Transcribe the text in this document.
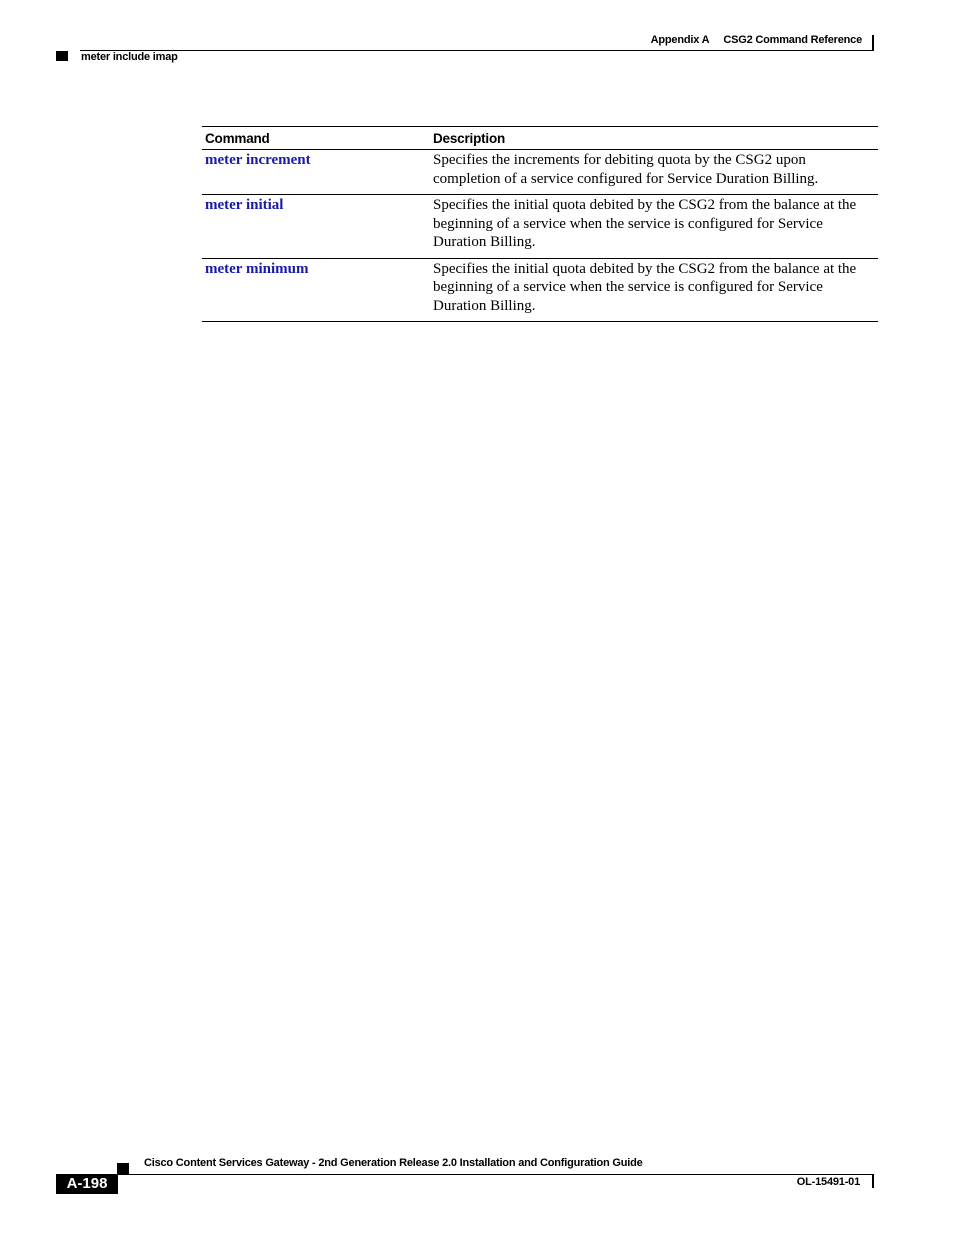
Appendix A CSG2 Command Reference
meter include imap
Command	Description
meter increment	Specifies the increments for debiting quota by the CSG2 upon completion of a service configured for Service Duration Billing.
meter initial	Specifies the initial quota debited by the CSG2 from the balance at the beginning of a service when the service is configured for Service Duration Billing.
meter minimum	Specifies the initial quota debited by the CSG2 from the balance at the beginning of a service when the service is configured for Service Duration Billing.
Cisco Content Services Gateway - 2nd Generation Release 2.0 Installation and Configuration Guide
A-198	OL-15491-01
